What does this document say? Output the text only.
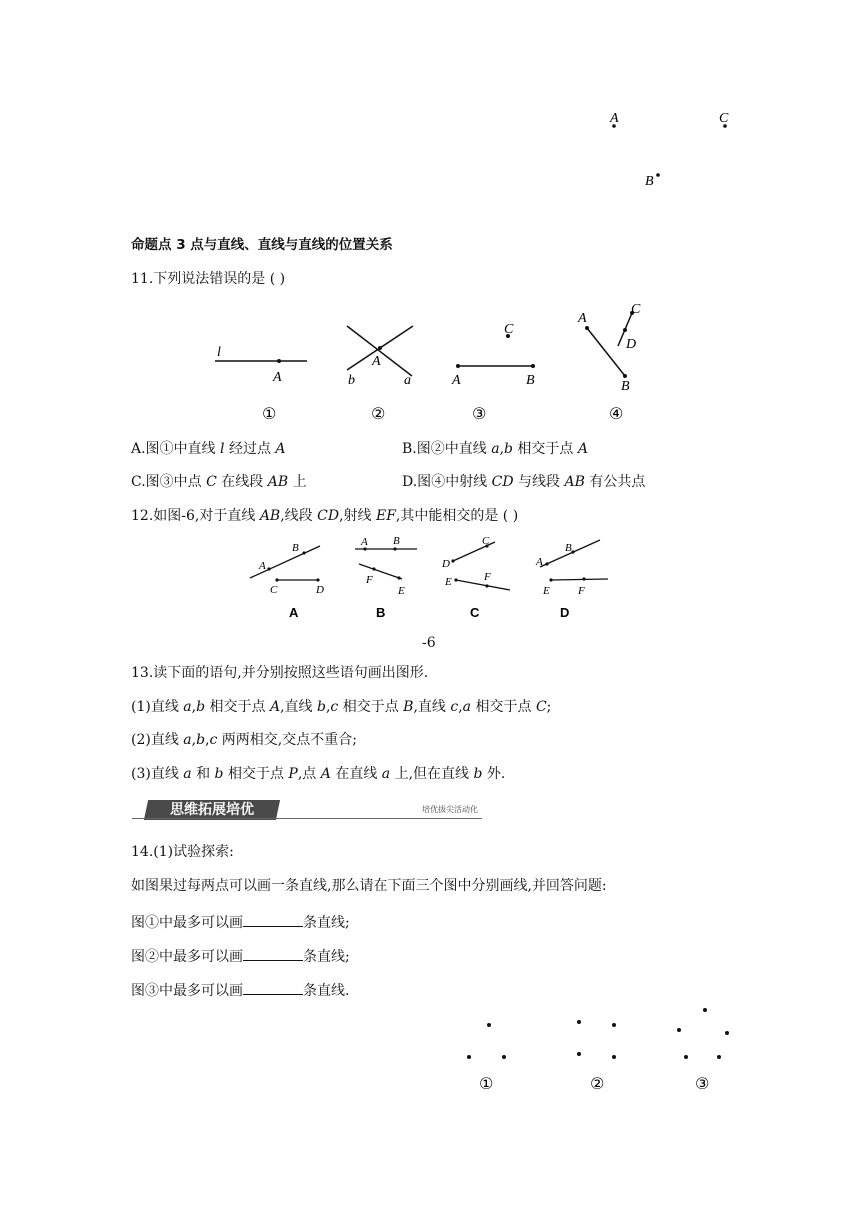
A	C
B
命题点 3 点与直线、直线与直线的位置关系
11.下列说法错误的是 ( )
l
A
①
A
b	a
②
C
A	B
③
A
C
D
B
④
A.图①中直线 l 经过点 A	B.图②中直线 a,b 相交于点 A
C.图③中点 C 在线段 AB 上	D.图④中射线 CD 与线段 AB 有公共点
12.如图-6,对于直线 AB,线段 CD,射线 EF,其中能相交的是 ( )
A
B
C	D
A
A B
F
E
B
C
D
E	F
C
A
B
E	F
D
-6
13.读下面的语句,并分别按照这些语句画出图形.
(1)直线 a,b 相交于点 A,直线 b,c 相交于点 B,直线 c,a 相交于点 C;
(2)直线 a,b,c 两两相交,交点不重合;
(3)直线 a 和 b 相交于点 P,点 A 在直线 a 上,但在直线 b 外.
思维拓展培优	培优拔尖活动化
14.(1)试验探索:
如图果过每两点可以画一条直线,那么请在下面三个图中分别画线,并回答问题:
图①中最多可以画	条直线;
图②中最多可以画	条直线;
图③中最多可以画	条直线.
①	②	③
